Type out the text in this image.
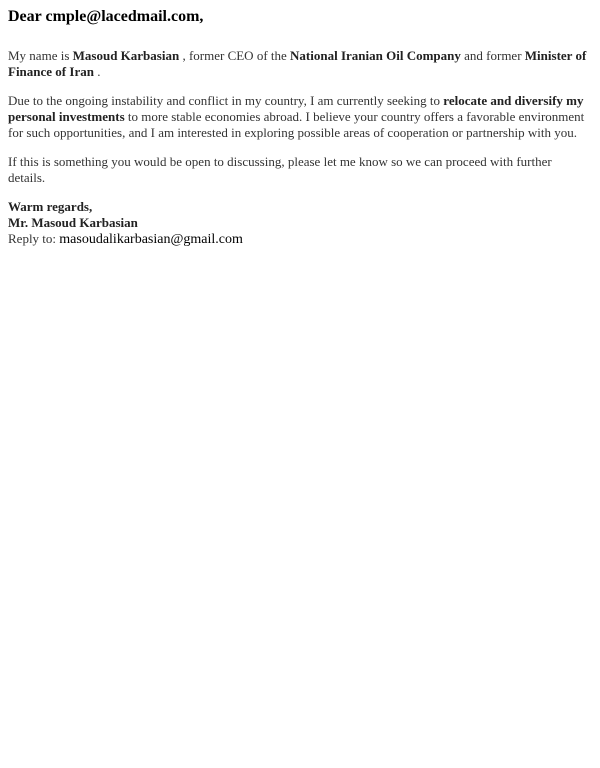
Dear cmple@lacedmail.com,

My name is Masoud Karbasian , former CEO of the National Iranian Oil Company and former Minister of Finance of Iran .

Due to the ongoing instability and conflict in my country, I am currently seeking to relocate and diversify my personal investments to more stable economies abroad. I believe your country offers a favorable environment for such opportunities, and I am interested in exploring possible areas of cooperation or partnership with you.

If this is something you would be open to discussing, please let me know so we can proceed with further details.

Warm regards,
Mr. Masoud Karbasian
Reply to: masoudalikarbasian@gmail.com
